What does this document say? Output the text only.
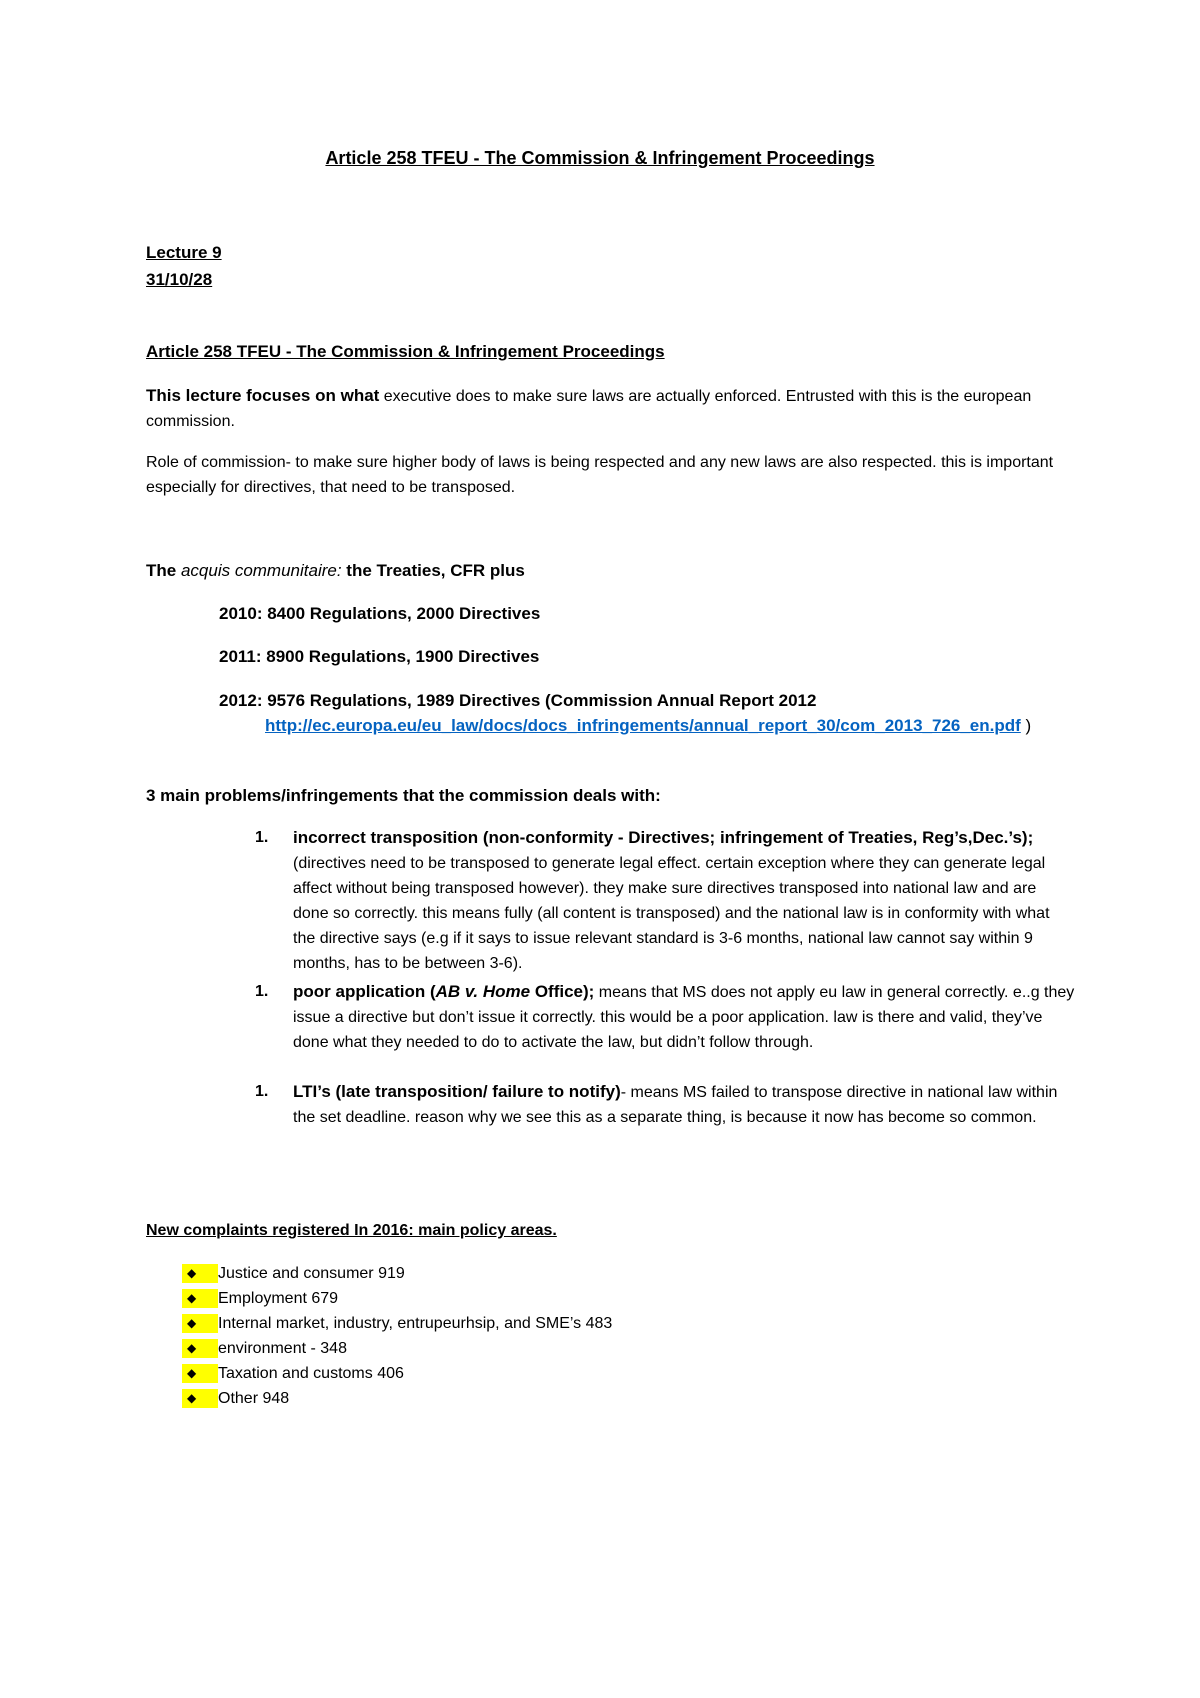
Article 258 TFEU - The Commission & Infringement Proceedings

Lecture 9

31/10/28

Article 258 TFEU - The Commission & Infringement Proceedings

This lecture focuses on what executive does to make sure laws are actually enforced. Entrusted with this is the european commission.

Role of commission- to make sure higher body of laws is being respected and any new laws are also respected. this is important especially for directives, that need to be transposed.

The acquis communitaire: the Treaties, CFR plus

2010: 8400 Regulations, 2000 Directives

2011: 8900 Regulations, 1900 Directives

2012: 9576 Regulations, 1989 Directives (Commission Annual Report 2012

http://ec.europa.eu/eu_law/docs/docs_infringements/annual_report_30/com_2013_726_en.pdf )

3 main problems/infringements that the commission deals with:

1. incorrect transposition (non-conformity - Directives; infringement of Treaties, Reg’s,Dec.’s);
(directives need to be transposed to generate legal effect. certain exception where they can generate legal affect without being transposed however). they make sure directives transposed into national law and are done so correctly. this means fully (all content is transposed) and the national law is in conformity with what the directive says (e.g if it says to issue relevant standard is 3-6 months, national law cannot say within 9 months, has to be between 3-6).
1. poor application (AB v. Home Office); means that MS does not apply eu law in general correctly. e..g they issue a directive but don’t issue it correctly. this would be a poor application. law is there and valid, they’ve done what they needed to do to activate the law, but didn’t follow through.
1. LTI’s (late transposition/ failure to notify)- means MS failed to transpose directive in national law within the set deadline. reason why we see this as a separate thing, is because it now has become so common.

New complaints registered In 2016: main policy areas.

◆ Justice and consumer 919
◆ Employment 679
◆ Internal market, industry, entrupeurhsip, and SME’s 483
◆ environment - 348
◆ Taxation and customs 406
◆ Other 948
